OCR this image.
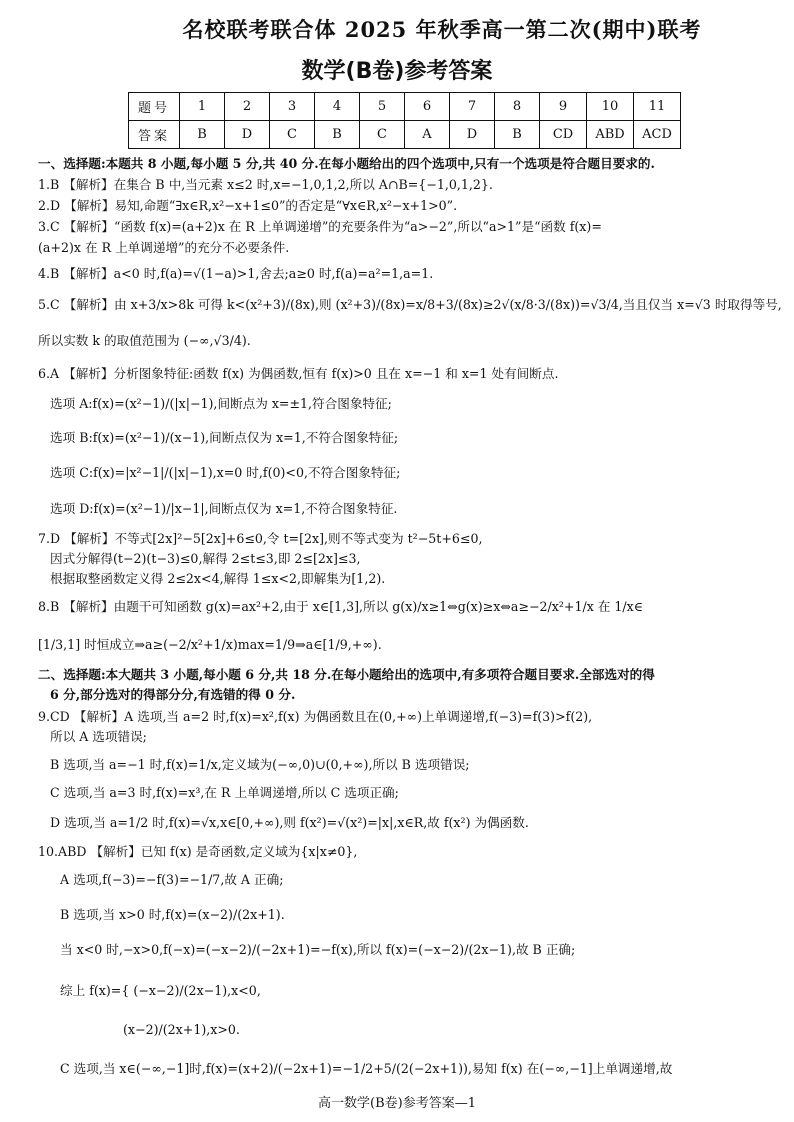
名校联考联合体 2025 年秋季高一第二次(期中)联考
数学(B卷)参考答案
题号	1	2	3	4	5	6	7	8	9	10	11
答案	B	D	C	B	C	A	D	B	CD	ABD	ACD
一、选择题:本题共 8 小题,每小题 5 分,共 40 分.在每小题给出的四个选项中,只有一个选项是符合题目要求的.
1.B 【解析】在集合 B 中,当元素 x≤2 时,x=−1,0,1,2,所以 A∩B={−1,0,1,2}.
2.D 【解析】易知,命题“∃x∈R,x²−x+1≤0”的否定是“∀x∈R,x²−x+1>0”.
3.C 【解析】“函数 f(x)=(a+2)x 在 R 上单调递增”的充要条件为“a>−2”,所以“a>1”是“函数 f(x)=
(a+2)x 在 R 上单调递增”的充分不必要条件.
4.B 【解析】a<0 时,f(a)=√(1−a)>1,舍去;a≥0 时,f(a)=a²=1,a=1.
5.C 【解析】由 x+3/x>8k 可得 k<(x²+3)/(8x),则 (x²+3)/(8x)=x/8+3/(8x)≥2√(x/8·3/(8x))=√3/4,当且仅当 x=√3 时取得等号,
所以实数 k 的取值范围为 (−∞,√3/4).
6.A 【解析】分析图象特征:函数 f(x) 为偶函数,恒有 f(x)>0 且在 x=−1 和 x=1 处有间断点.
选项 A:f(x)=(x²−1)/(|x|−1),间断点为 x=±1,符合图象特征;
选项 B:f(x)=(x²−1)/(x−1),间断点仅为 x=1,不符合图象特征;
选项 C:f(x)=|x²−1|/(|x|−1),x=0 时,f(0)<0,不符合图象特征;
选项 D:f(x)=(x²−1)/|x−1|,间断点仅为 x=1,不符合图象特征.
7.D 【解析】不等式[2x]²−5[2x]+6≤0,令 t=[2x],则不等式变为 t²−5t+6≤0,
因式分解得(t−2)(t−3)≤0,解得 2≤t≤3,即 2≤[2x]≤3,
根据取整函数定义得 2≤2x<4,解得 1≤x<2,即解集为[1,2).
8.B 【解析】由题干可知函数 g(x)=ax²+2,由于 x∈[1,3],所以 g(x)/x≥1⇔g(x)≥x⇔a≥−2/x²+1/x 在 1/x∈
[1/3,1] 时恒成立⇒a≥(−2/x²+1/x)max=1/9⇒a∈[1/9,+∞).
二、选择题:本大题共 3 小题,每小题 6 分,共 18 分.在每小题给出的选项中,有多项符合题目要求.全部选对的得
6 分,部分选对的得部分分,有选错的得 0 分.
9.CD 【解析】A 选项,当 a=2 时,f(x)=x²,f(x) 为偶函数且在(0,+∞)上单调递增,f(−3)=f(3)>f(2),
所以 A 选项错误;
B 选项,当 a=−1 时,f(x)=1/x,定义域为(−∞,0)∪(0,+∞),所以 B 选项错误;
C 选项,当 a=3 时,f(x)=x³,在 R 上单调递增,所以 C 选项正确;
D 选项,当 a=1/2 时,f(x)=√x,x∈[0,+∞),则 f(x²)=√(x²)=|x|,x∈R,故 f(x²) 为偶函数.
10.ABD 【解析】已知 f(x) 是奇函数,定义域为{x|x≠0},
A 选项,f(−3)=−f(3)=−1/7,故 A 正确;
B 选项,当 x>0 时,f(x)=(x−2)/(2x+1).
当 x<0 时,−x>0,f(−x)=(−x−2)/(−2x+1)=−f(x),所以 f(x)=(−x−2)/(2x−1),故 B 正确;
综上 f(x)={ (−x−2)/(2x−1),x<0,
(x−2)/(2x+1),x>0.
C 选项,当 x∈(−∞,−1]时,f(x)=(x+2)/(−2x+1)=−1/2+5/(2(−2x+1)),易知 f(x) 在(−∞,−1]上单调递增,故
高一数学(B卷)参考答案—1
